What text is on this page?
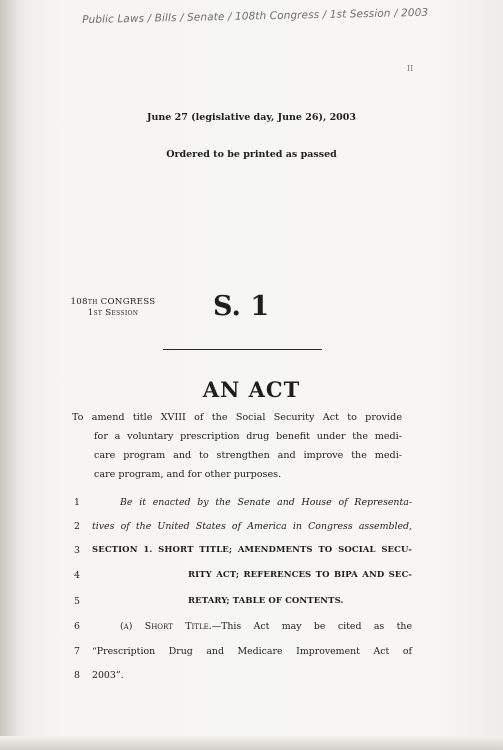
Public Laws / Bills / Senate / 108th Congress / 1st Session / 2003
II
June 27 (legislative day, June 26), 2003
Ordered to be printed as passed
108th CONGRESS
1st Session	S. 1
AN ACT
To amend title XVIII of the Social Security Act to provide
for a voluntary prescription drug benefit under the medi-
care program and to strengthen and improve the medi-
care program, and for other purposes.
1	Be it enacted by the Senate and House of Representa-
2	tives of the United States of America in Congress assembled,
3	SECTION 1. SHORT TITLE; AMENDMENTS TO SOCIAL SECU-
4	RITY ACT; REFERENCES TO BIPA AND SEC-
5	RETARY; TABLE OF CONTENTS.
6	(a) Short Title.—This Act may be cited as the
7	“Prescription Drug and Medicare Improvement Act of
8	2003”.
